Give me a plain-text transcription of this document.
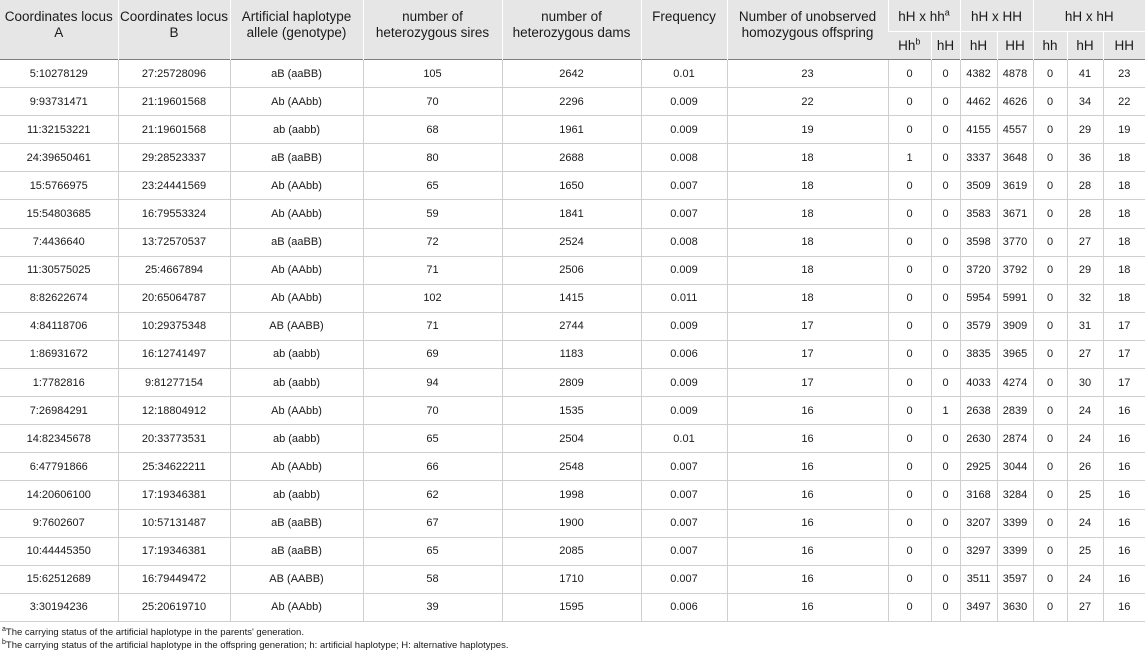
Coordinates locus A	Coordinates locus B	Artificial haplotype allele (genotype)	number of heterozygous sires	number of heterozygous dams	Frequency	Number of unobserved homozygous offspring	hH x $hh^a$		hH x HH		hH x hH		
							Hh$^b$	hH	hH	HH	hh	hH	HH
5:10278129	27:25728096	aB (aaBB)	105	2642	0.01	23	0	0	4382	4878	0	41	23
9:93731471	21:19601568	Ab (AAbb)	70	2296	0.009	22	0	0	4462	4626	0	34	22
11:32153221	21:19601568	ab (aabb)	68	1961	0.009	19	0	0	4155	4557	0	29	19
24:39650461	29:28523337	aB (aaBB)	80	2688	0.008	18	1	0	3337	3648	0	36	18
15:5766975	23:24441569	Ab (AAbb)	65	1650	0.007	18	0	0	3509	3619	0	28	18
15:54803685	16:79553324	Ab (AAbb)	59	1841	0.007	18	0	0	3583	3671	0	28	18
7:4436640	13:72570537	aB (aaBB)	72	2524	0.008	18	0	0	3598	3770	0	27	18
11:30575025	25:4667894	Ab (AAbb)	71	2506	0.009	18	0	0	3720	3792	0	29	18
8:82622674	20:65064787	Ab (AAbb)	102	1415	0.011	18	0	0	5954	5991	0	32	18
4:84118706	10:29375348	AB (AABB)	71	2744	0.009	17	0	0	3579	3909	0	31	17
1:86931672	16:12741497	ab (aabb)	69	1183	0.006	17	0	0	3835	3965	0	27	17
1:7782816	9:81277154	ab (aabb)	94	2809	0.009	17	0	0	4033	4274	0	30	17
7:26984291	12:18804912	Ab (AAbb)	70	1535	0.009	16	0	1	2638	2839	0	24	16
14:82345678	20:33773531	ab (aabb)	65	2504	0.01	16	0	0	2630	2874	0	24	16
6:47791866	25:34622211	Ab (AAbb)	66	2548	0.007	16	0	0	2925	3044	0	26	16
14:20606100	17:19346381	ab (aabb)	62	1998	0.007	16	0	0	3168	3284	0	25	16
9:7602607	10:57131487	aB (aaBB)	67	1900	0.007	16	0	0	3207	3399	0	24	16
10:44445350	17:19346381	aB (aaBB)	65	2085	0.007	16	0	0	3297	3399	0	25	16
15:62512689	16:79449472	AB (AABB)	58	1710	0.007	16	0	0	3511	3597	0	24	16
3:30194236	25:20619710	Ab (AAbb)	39	1595	0.006	16	0	0	3497	3630	0	27	16

$^a$The carrying status of the artificial haplotype in the parents' generation.

$^b$The carrying status of the artificial haplotype in the offspring generation; h: artificial haplotype; H: alternative haplotypes.
